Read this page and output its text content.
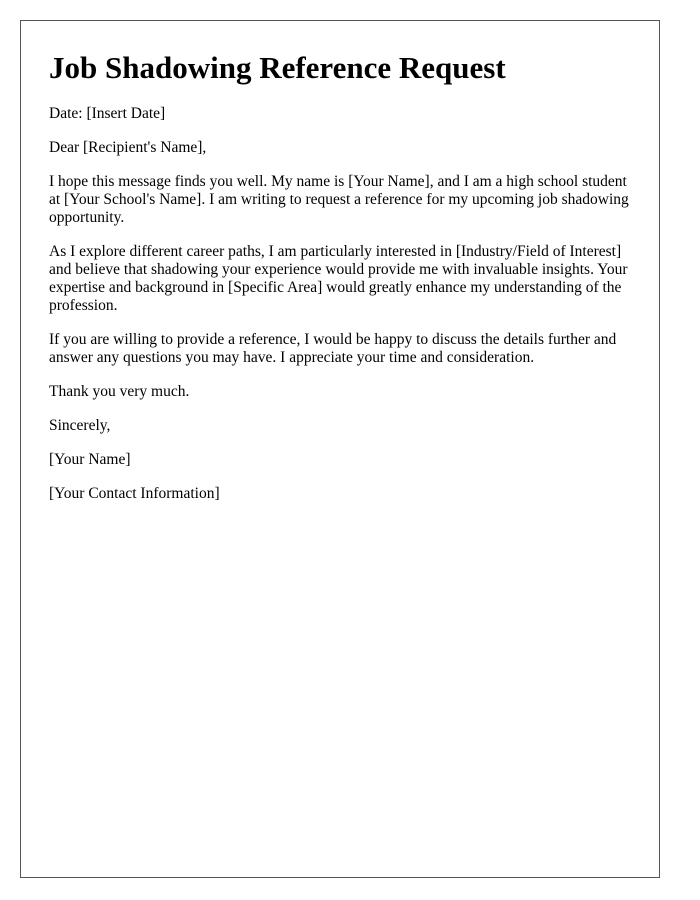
Job Shadowing Reference Request

Date: [Insert Date]

Dear [Recipient's Name],

I hope this message finds you well. My name is [Your Name], and I am a high school student at [Your School's Name]. I am writing to request a reference for my upcoming job shadowing opportunity.

As I explore different career paths, I am particularly interested in [Industry/Field of Interest] and believe that shadowing your experience would provide me with invaluable insights. Your expertise and background in [Specific Area] would greatly enhance my understanding of the profession.

If you are willing to provide a reference, I would be happy to discuss the details further and answer any questions you may have. I appreciate your time and consideration.

Thank you very much.

Sincerely,

[Your Name]

[Your Contact Information]
